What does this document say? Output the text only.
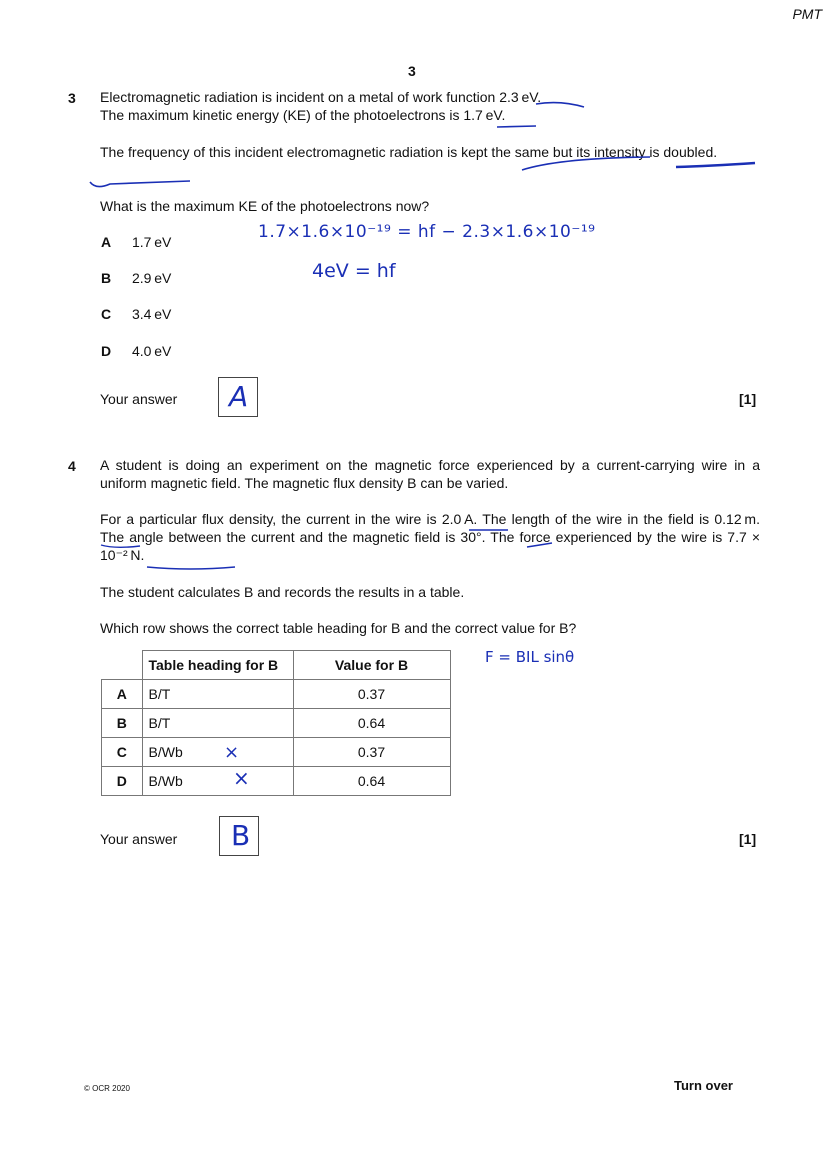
PMT
3
3 Electromagnetic radiation is incident on a metal of work function 2.3 eV.
The maximum kinetic energy (KE) of the photoelectrons is 1.7 eV.
The frequency of this incident electromagnetic radiation is kept the same but its intensity is doubled.
What is the maximum KE of the photoelectrons now?
A 1.7 eV
B 2.9 eV
C 3.4 eV
D 4.0 eV
1.7×1.6×10⁻¹⁹ = hf − 2.3×1.6×10⁻¹⁹
4eV = hf
Your answer A	[1]
4 A student is doing an experiment on the magnetic force experienced by a current-carrying wire in a uniform magnetic field. The magnetic flux density B can be varied.
For a particular flux density, the current in the wire is 2.0 A. The length of the wire in the field is 0.12 m. The angle between the current and the magnetic field is 30°. The force experienced by the wire is 7.7 × 10⁻² N.
The student calculates B and records the results in a table.
Which row shows the correct table heading for B and the correct value for B?
	Table heading for B	Value for B
A	B/T	0.37
B	B/T	0.64
C	B/Wb	0.37
D	B/Wb	0.64
F = BIL sinθ
×
×
Your answer B	[1]
© OCR 2020	Turn over
